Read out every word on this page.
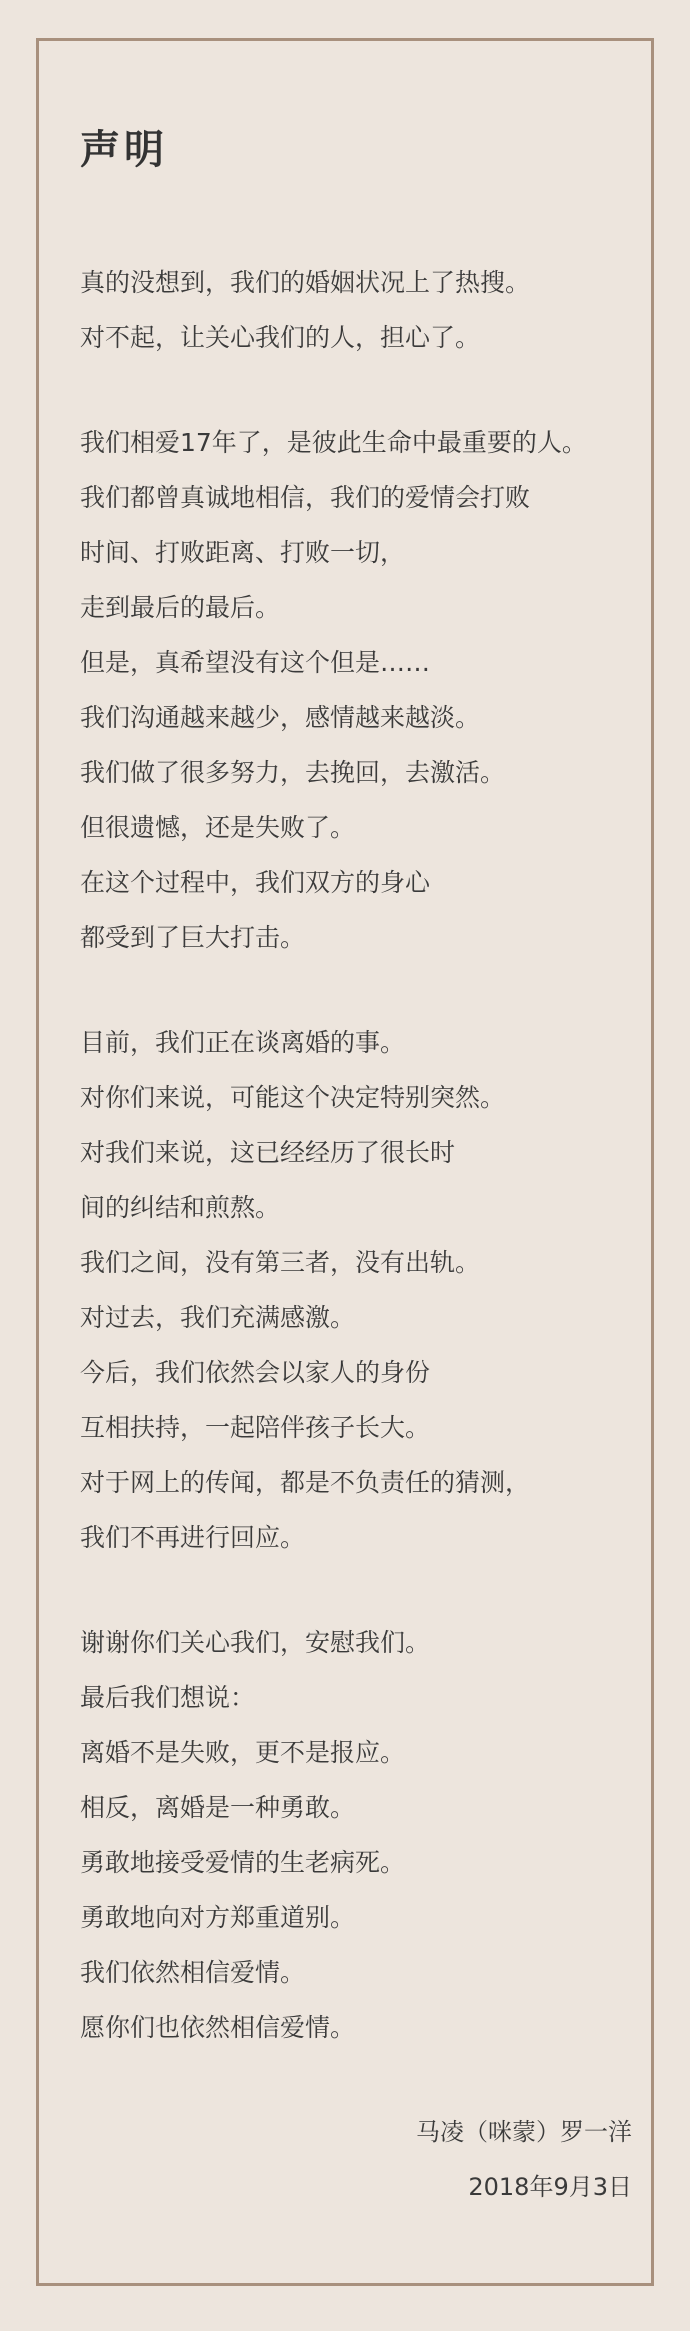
声明
真的没想到，我们的婚姻状况上了热搜。
对不起，让关心我们的人，担心了。
我们相爱17年了，是彼此生命中最重要的人。
我们都曾真诚地相信，我们的爱情会打败
时间、打败距离、打败一切，
走到最后的最后。
但是，真希望没有这个但是……
我们沟通越来越少，感情越来越淡。
我们做了很多努力，去挽回，去激活。
但很遗憾，还是失败了。
在这个过程中，我们双方的身心
都受到了巨大打击。
目前，我们正在谈离婚的事。
对你们来说，可能这个决定特别突然。
对我们来说，这已经经历了很长时
间的纠结和煎熬。
我们之间，没有第三者，没有出轨。
对过去，我们充满感激。
今后，我们依然会以家人的身份
互相扶持，一起陪伴孩子长大。
对于网上的传闻，都是不负责任的猜测，
我们不再进行回应。
谢谢你们关心我们，安慰我们。
最后我们想说：
离婚不是失败，更不是报应。
相反，离婚是一种勇敢。
勇敢地接受爱情的生老病死。
勇敢地向对方郑重道别。
我们依然相信爱情。
愿你们也依然相信爱情。
马凌（咪蒙）罗一洋
2018年9月3日
